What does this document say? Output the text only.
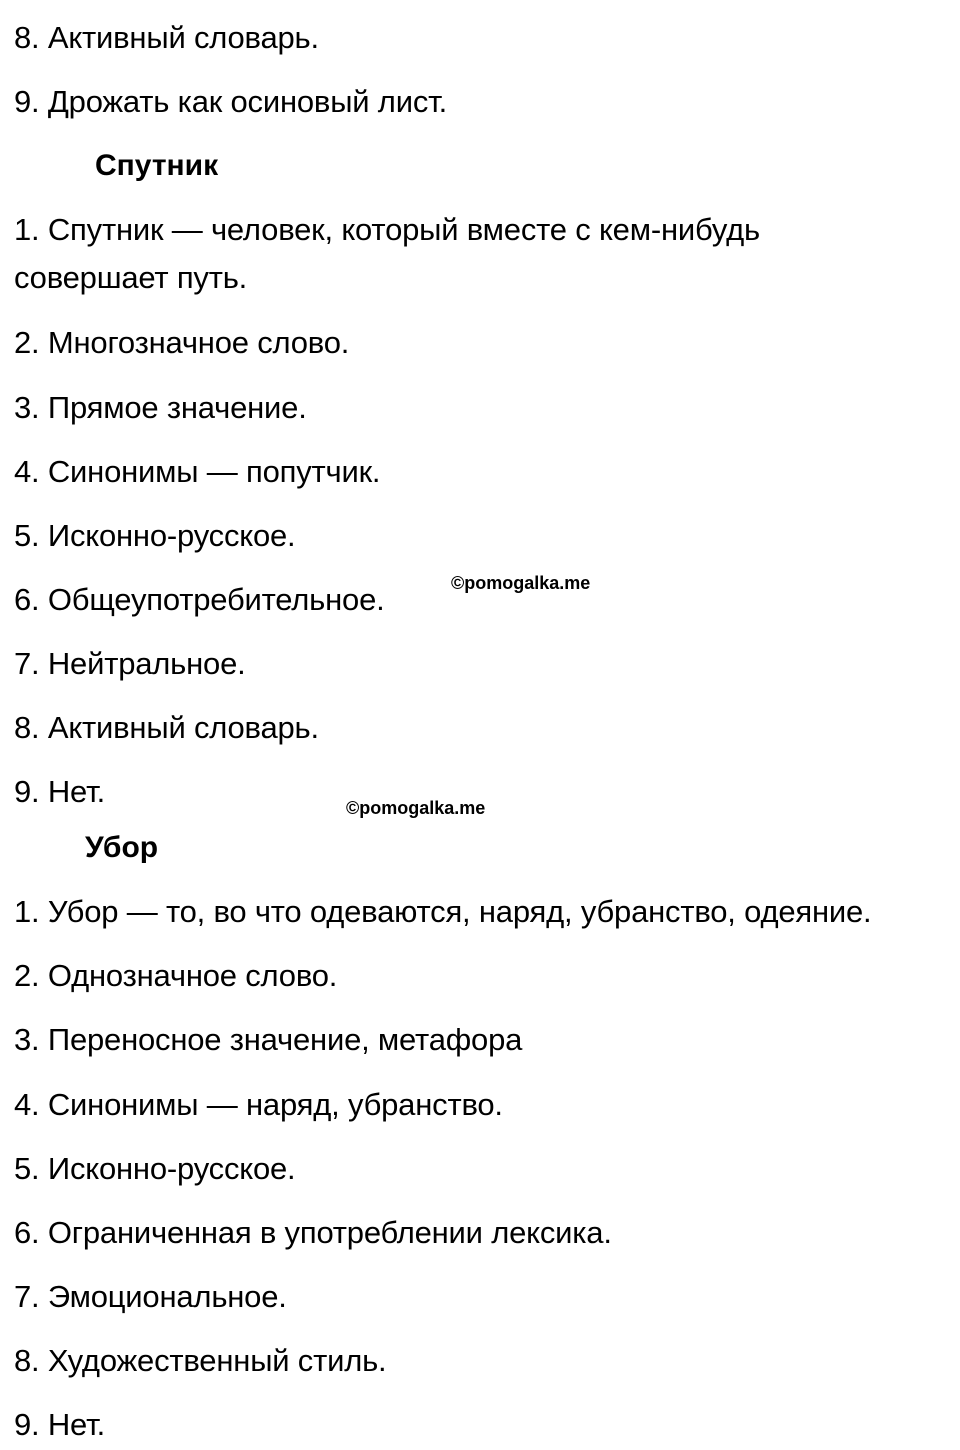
8. Активный словарь.
9. Дрожать как осиновый лист.
Спутник
1. Спутник — человек, который вместе с кем-нибудь совершает путь.
2. Многозначное слово.
3. Прямое значение.
4. Синонимы — попутчик.
5. Исконно-русское.
6. Общеупотребительное.
7. Нейтральное.
8. Активный словарь.
9. Нет.
©pomogalka.me
©pomogalka.me
Убор
1. Убор — то, во что одеваются, наряд, убранство, одеяние.
2. Однозначное слово.
3. Переносное значение, метафора
4. Синонимы — наряд, убранство.
5. Исконно-русское.
6. Ограниченная в употреблении лексика.
7. Эмоциональное.
8. Художественный стиль.
9. Нет.
